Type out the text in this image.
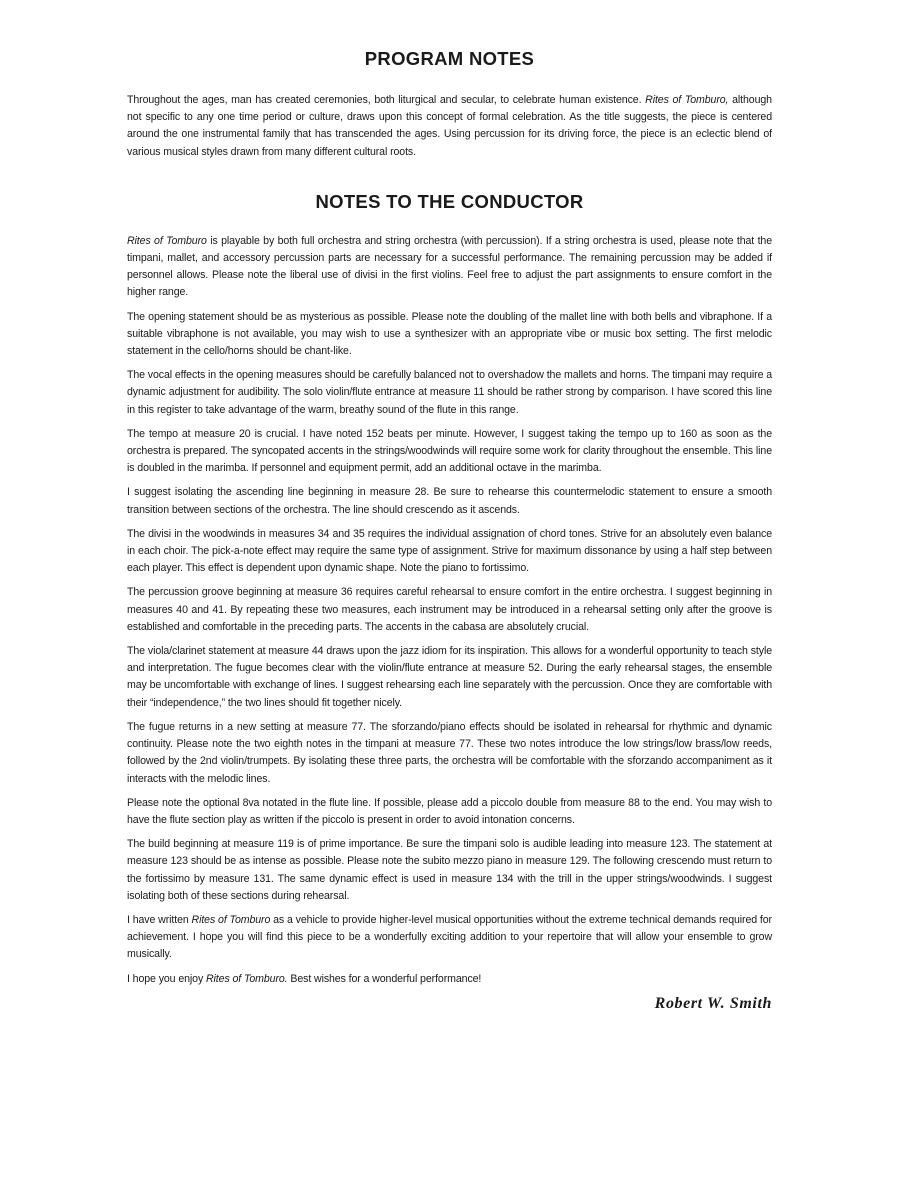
PROGRAM NOTES

Throughout the ages, man has created ceremonies, both liturgical and secular, to celebrate human existence. Rites of Tomburo, although not specific to any one time period or culture, draws upon this concept of formal celebration. As the title suggests, the piece is centered around the one instrumental family that has transcended the ages. Using percussion for its driving force, the piece is an eclectic blend of various musical styles drawn from many different cultural roots.

NOTES TO THE CONDUCTOR

Rites of Tomburo is playable by both full orchestra and string orchestra (with percussion). If a string orchestra is used, please note that the timpani, mallet, and accessory percussion parts are necessary for a successful performance. The remaining percussion may be added if personnel allows. Please note the liberal use of divisi in the first violins. Feel free to adjust the part assignments to ensure comfort in the higher range.

The opening statement should be as mysterious as possible. Please note the doubling of the mallet line with both bells and vibraphone. If a suitable vibraphone is not available, you may wish to use a synthesizer with an appropriate vibe or music box setting. The first melodic statement in the cello/horns should be chant-like.

The vocal effects in the opening measures should be carefully balanced not to overshadow the mallets and horns. The timpani may require a dynamic adjustment for audibility. The solo violin/flute entrance at measure 11 should be rather strong by comparison. I have scored this line in this register to take advantage of the warm, breathy sound of the flute in this range.

The tempo at measure 20 is crucial. I have noted 152 beats per minute. However, I suggest taking the tempo up to 160 as soon as the orchestra is prepared. The syncopated accents in the strings/woodwinds will require some work for clarity throughout the ensemble. This line is doubled in the marimba. If personnel and equipment permit, add an additional octave in the marimba.

I suggest isolating the ascending line beginning in measure 28. Be sure to rehearse this countermelodic statement to ensure a smooth transition between sections of the orchestra. The line should crescendo as it ascends.

The divisi in the woodwinds in measures 34 and 35 requires the individual assignation of chord tones. Strive for an absolutely even balance in each choir. The pick-a-note effect may require the same type of assignment. Strive for maximum dissonance by using a half step between each player. This effect is dependent upon dynamic shape. Note the piano to fortissimo.

The percussion groove beginning at measure 36 requires careful rehearsal to ensure comfort in the entire orchestra. I suggest beginning in measures 40 and 41. By repeating these two measures, each instrument may be introduced in a rehearsal setting only after the groove is established and comfortable in the preceding parts. The accents in the cabasa are absolutely crucial.

The viola/clarinet statement at measure 44 draws upon the jazz idiom for its inspiration. This allows for a wonderful opportunity to teach style and interpretation. The fugue becomes clear with the violin/flute entrance at measure 52. During the early rehearsal stages, the ensemble may be uncomfortable with exchange of lines. I suggest rehearsing each line separately with the percussion. Once they are comfortable with their “independence,” the two lines should fit together nicely.

The fugue returns in a new setting at measure 77. The sforzando/piano effects should be isolated in rehearsal for rhythmic and dynamic continuity. Please note the two eighth notes in the timpani at measure 77. These two notes introduce the low strings/low brass/low reeds, followed by the 2nd violin/trumpets. By isolating these three parts, the orchestra will be comfortable with the sforzando accompaniment as it interacts with the melodic lines.

Please note the optional 8va notated in the flute line. If possible, please add a piccolo double from measure 88 to the end. You may wish to have the flute section play as written if the piccolo is present in order to avoid intonation concerns.

The build beginning at measure 119 is of prime importance. Be sure the timpani solo is audible leading into measure 123. The statement at measure 123 should be as intense as possible. Please note the subito mezzo piano in measure 129. The following crescendo must return to the fortissimo by measure 131. The same dynamic effect is used in measure 134 with the trill in the upper strings/woodwinds. I suggest isolating both of these sections during rehearsal.

I have written Rites of Tomburo as a vehicle to provide higher-level musical opportunities without the extreme technical demands required for achievement. I hope you will find this piece to be a wonderfully exciting addition to your repertoire that will allow your ensemble to grow musically.

I hope you enjoy Rites of Tomburo. Best wishes for a wonderful performance!

Robert W. Smith
